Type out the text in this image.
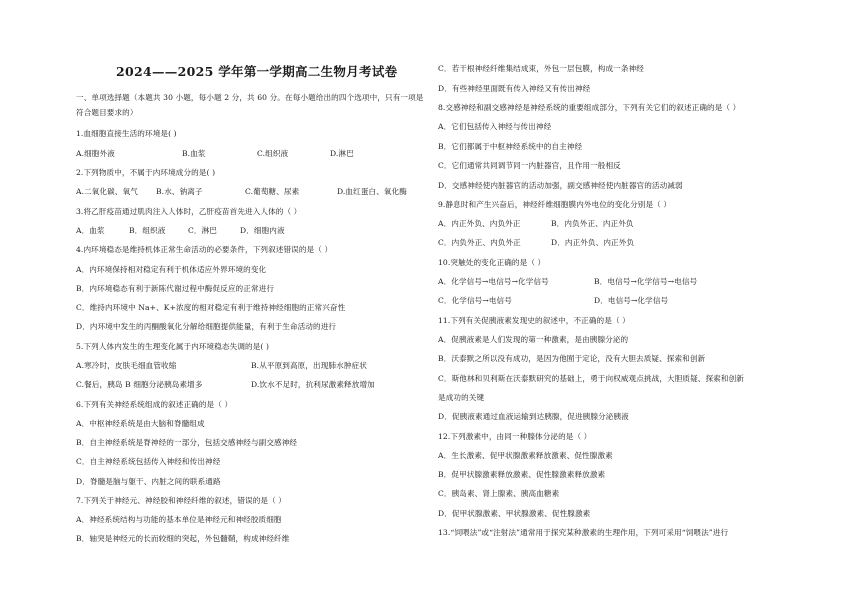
2024——2025 学年第一学期高二生物月考试卷
一、单项选择题（本题共 30 小题，每小题 2 分，共 60 分。在每小题给出的四个选项中，只有一项是符合题目要求的）
1.血细胞直接生活的环境是( )
A.细胞外液	B.血浆	C.组织液	D.淋巴
2.下列物质中，不属于内环境成分的是( )
A.二氧化碳、氧气 B.水、钠离子	C.葡萄糖、尿素	D.血红蛋白、氧化酶
3.将乙肝疫苗通过肌肉注入人体时，乙肝疫苗首先进入人体的（ ）
A．血浆	B．组织液	C．淋巴	D．细胞内液
4.内环境稳态是维持机体正常生命活动的必要条件，下列叙述错误的是（ ）
A．内环境保持相对稳定有利于机体适应外界环境的变化
B．内环境稳态有利于新陈代谢过程中酶促反应的正常进行
C．维持内环境中 Na+、K+浓度的相对稳定有利于维持神经细胞的正常兴奋性
D．内环境中发生的丙酮酸氧化分解给细胞提供能量，有利于生命活动的进行
5.下列人体内发生的生理变化属于内环境稳态失调的是( )
A.寒冷时，皮肤毛细血管收缩	B.从平原到高原，出现肺水肿症状
C.餐后，胰岛 B 细胞分泌胰岛素增多	D.饮水不足时，抗利尿激素释放增加
6.下列有关神经系统组成的叙述正确的是（ ）
A．中枢神经系统是由大脑和脊髓组成
B．自主神经系统是脊神经的一部分，包括交感神经与副交感神经
C．自主神经系统包括传入神经和传出神经
D．脊髓是脑与躯干、内脏之间的联系通路
7.下列关于神经元、神经胶和神经纤维的叙述，错误的是（ ）
A．神经系统结构与功能的基本单位是神经元和神经胶质细胞
B．轴突是神经元的长而较细的突起，外包髓鞘，构成神经纤维
C．若干根神经纤维集结成束，外包一层包膜，构成一条神经
D．有些神经里面既有传入神经又有传出神经
8.交感神经和副交感神经是神经系统的重要组成部分，下列有关它们的叙述正确的是（ ）
A．它们包括传入神经与传出神经
B．它们都属于中枢神经系统中的自主神经
C．它们通常共同调节同一内脏器官，且作用一般相反
D．交感神经使内脏器官的活动加强，副交感神经使内脏器官的活动减弱
9.静息时和产生兴奋后，神经纤维细胞膜内外电位的变化分别是（ ）
A．内正外负、内负外正	B．内负外正、内正外负
C．内负外正、内负外正	D．内正外负、内正外负
10.突触处的变化正确的是（ ）
A．化学信号→电信号→化学信号	B．电信号→化学信号→电信号
C．化学信号→电信号	D．电信号→化学信号
11.下列有关促胰液素发现史的叙述中，不正确的是（ ）
A．促胰液素是人们发现的第一种激素，是由胰腺分泌的
B．沃泰默之所以没有成功，是因为他囿于定论，没有大胆去质疑、探索和创新
C．斯他林和贝利斯在沃泰默研究的基础上，勇于向权威观点挑战，大胆质疑、探索和创新
是成功的关键
D．促胰液素通过血液运输到达胰腺，促进胰腺分泌胰液
12.下列激素中，由同一种腺体分泌的是（ ）
A．生长激素、促甲状腺激素释放激素、促性腺激素
B．促甲状腺激素释放激素、促性腺激素释放激素
C．胰岛素、肾上腺素、胰高血糖素
D．促甲状腺激素、甲状腺激素、促性腺激素
13.“饲喂法”或“注射法”通常用于探究某种激素的生理作用，下列可采用“饲喂法”进行
